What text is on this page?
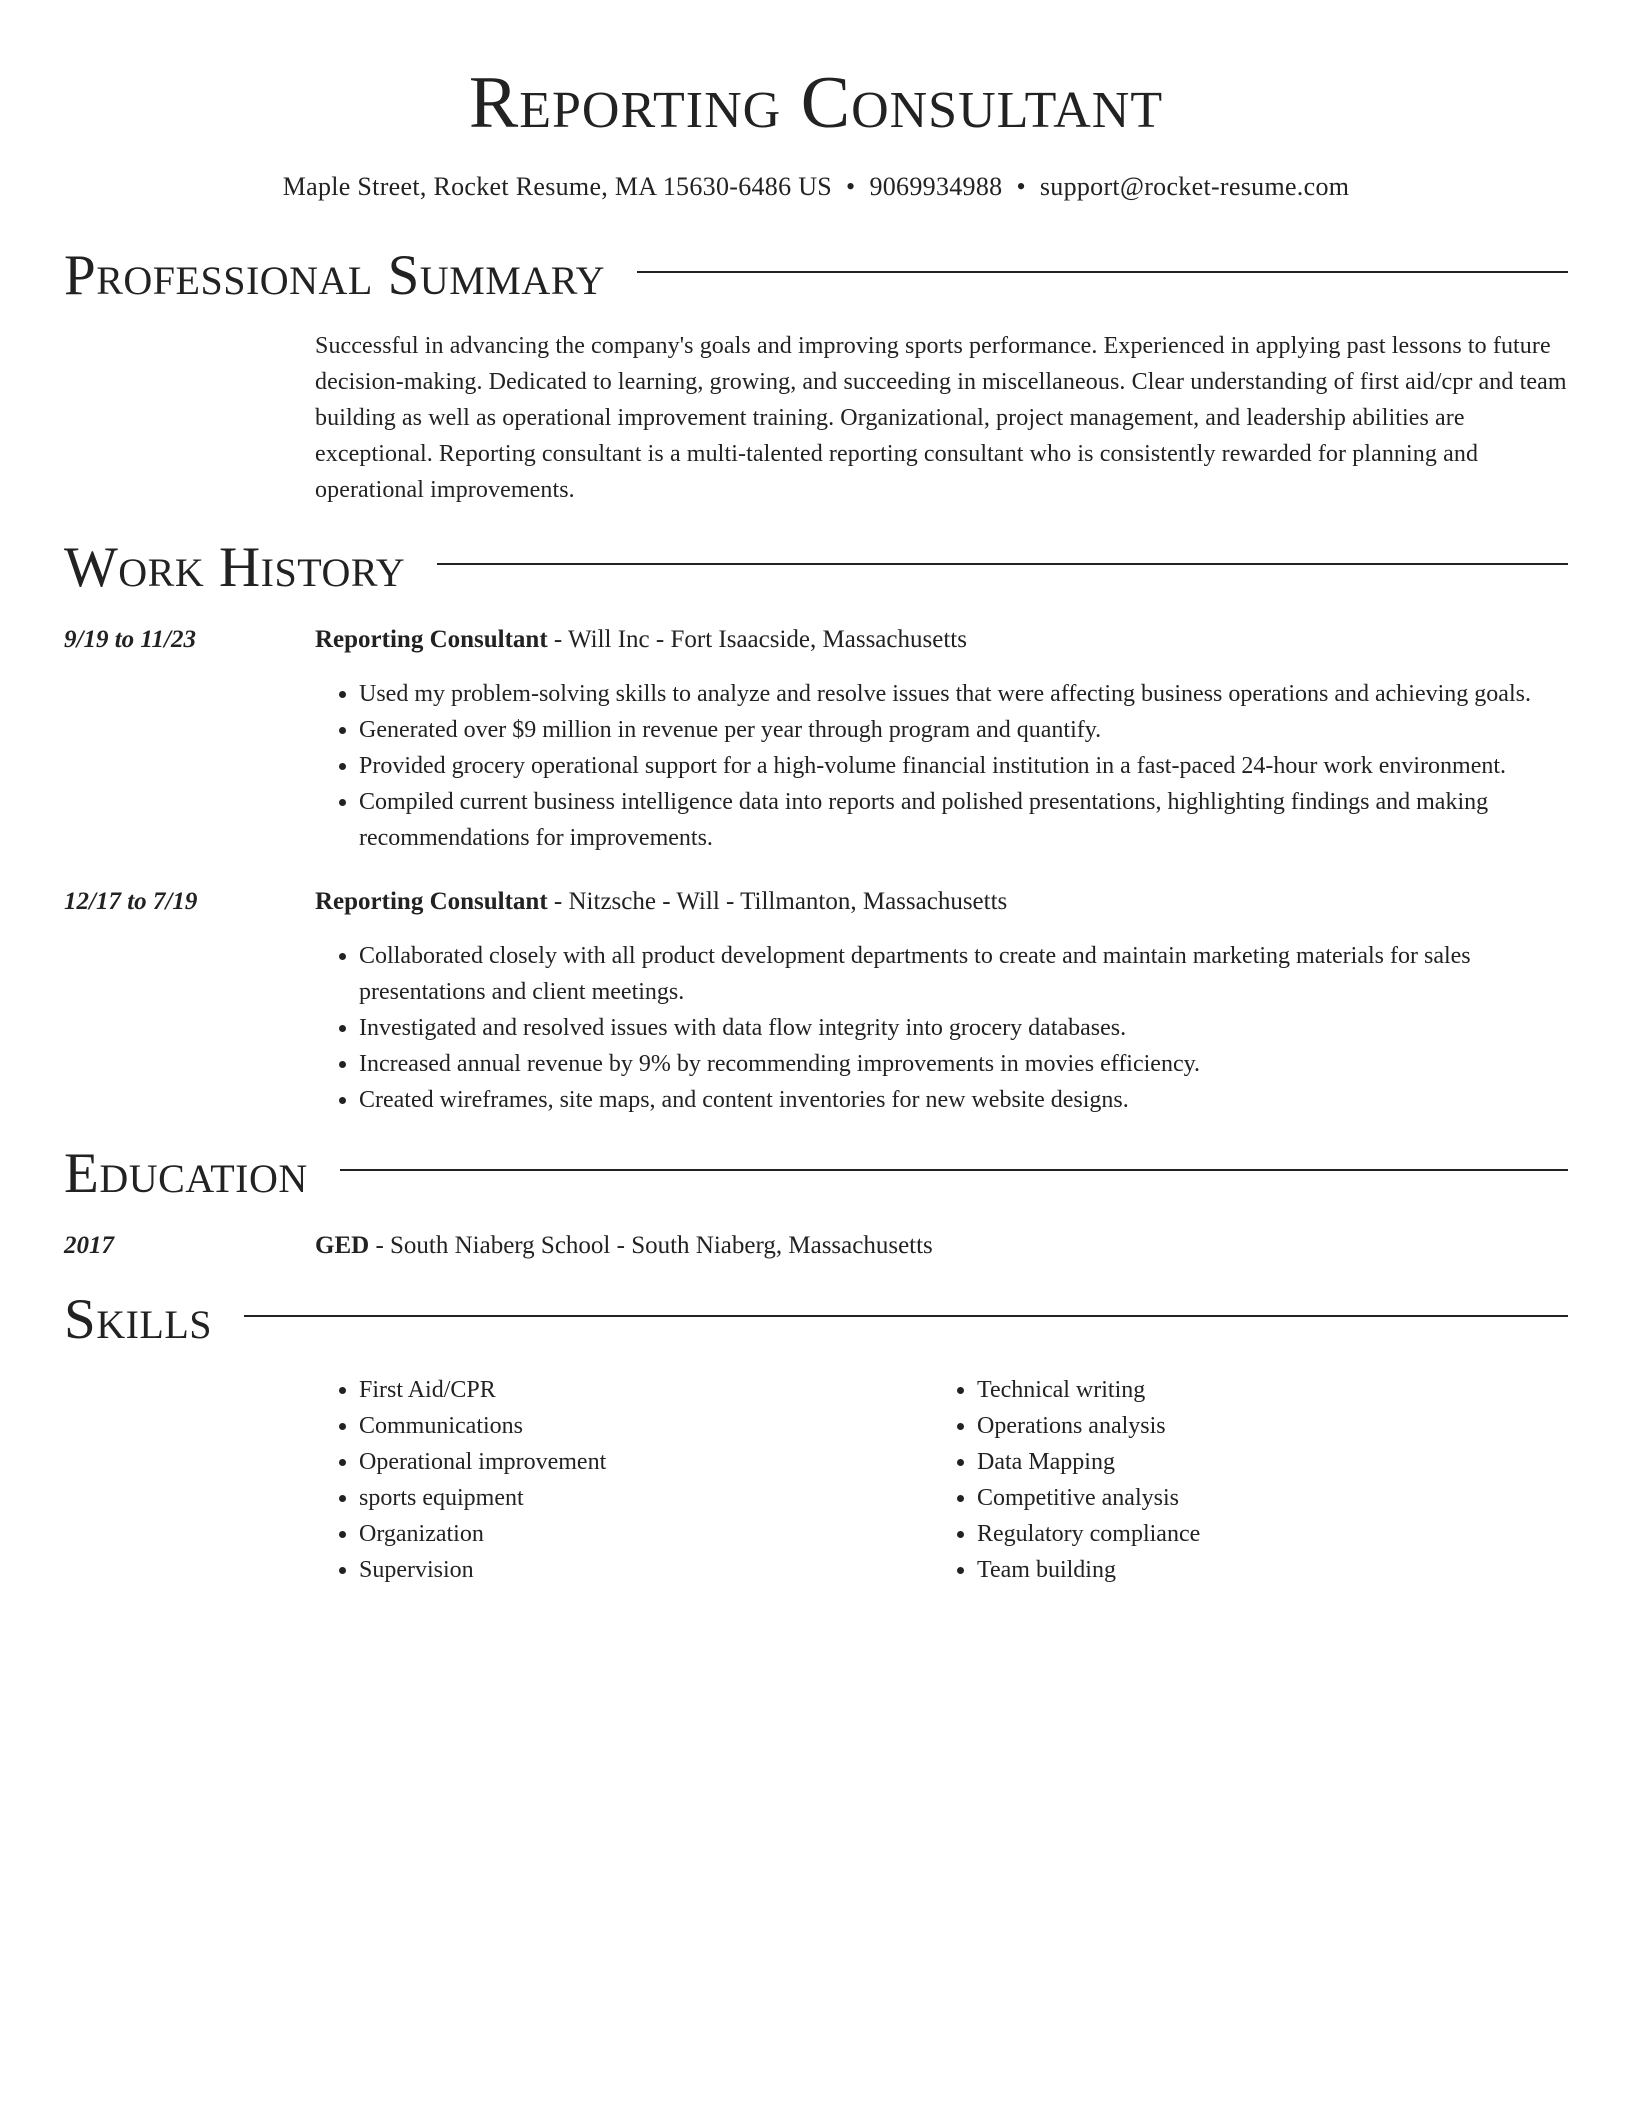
Reporting Consultant
Maple Street, Rocket Resume, MA 15630-6486 US • 9069934988 • support@rocket-resume.com
Professional Summary
Successful in advancing the company's goals and improving sports performance. Experienced in applying past lessons to future decision-making. Dedicated to learning, growing, and succeeding in miscellaneous. Clear understanding of first aid/cpr and team building as well as operational improvement training. Organizational, project management, and leadership abilities are exceptional. Reporting consultant is a multi-talented reporting consultant who is consistently rewarded for planning and operational improvements.
Work History
9/19 to 11/23	Reporting Consultant - Will Inc - Fort Isaacside, Massachusetts
• Used my problem-solving skills to analyze and resolve issues that were affecting business operations and achieving goals.
• Generated over $9 million in revenue per year through program and quantify.
• Provided grocery operational support for a high-volume financial institution in a fast-paced 24-hour work environment.
• Compiled current business intelligence data into reports and polished presentations, highlighting findings and making recommendations for improvements.
12/17 to 7/19	Reporting Consultant - Nitzsche - Will - Tillmanton, Massachusetts
• Collaborated closely with all product development departments to create and maintain marketing materials for sales presentations and client meetings.
• Investigated and resolved issues with data flow integrity into grocery databases.
• Increased annual revenue by 9% by recommending improvements in movies efficiency.
• Created wireframes, site maps, and content inventories for new website designs.
Education
2017	GED - South Niaberg School - South Niaberg, Massachusetts
Skills
• First Aid/CPR
• Communications
• Operational improvement
• sports equipment
• Organization
• Supervision
• Technical writing
• Operations analysis
• Data Mapping
• Competitive analysis
• Regulatory compliance
• Team building
